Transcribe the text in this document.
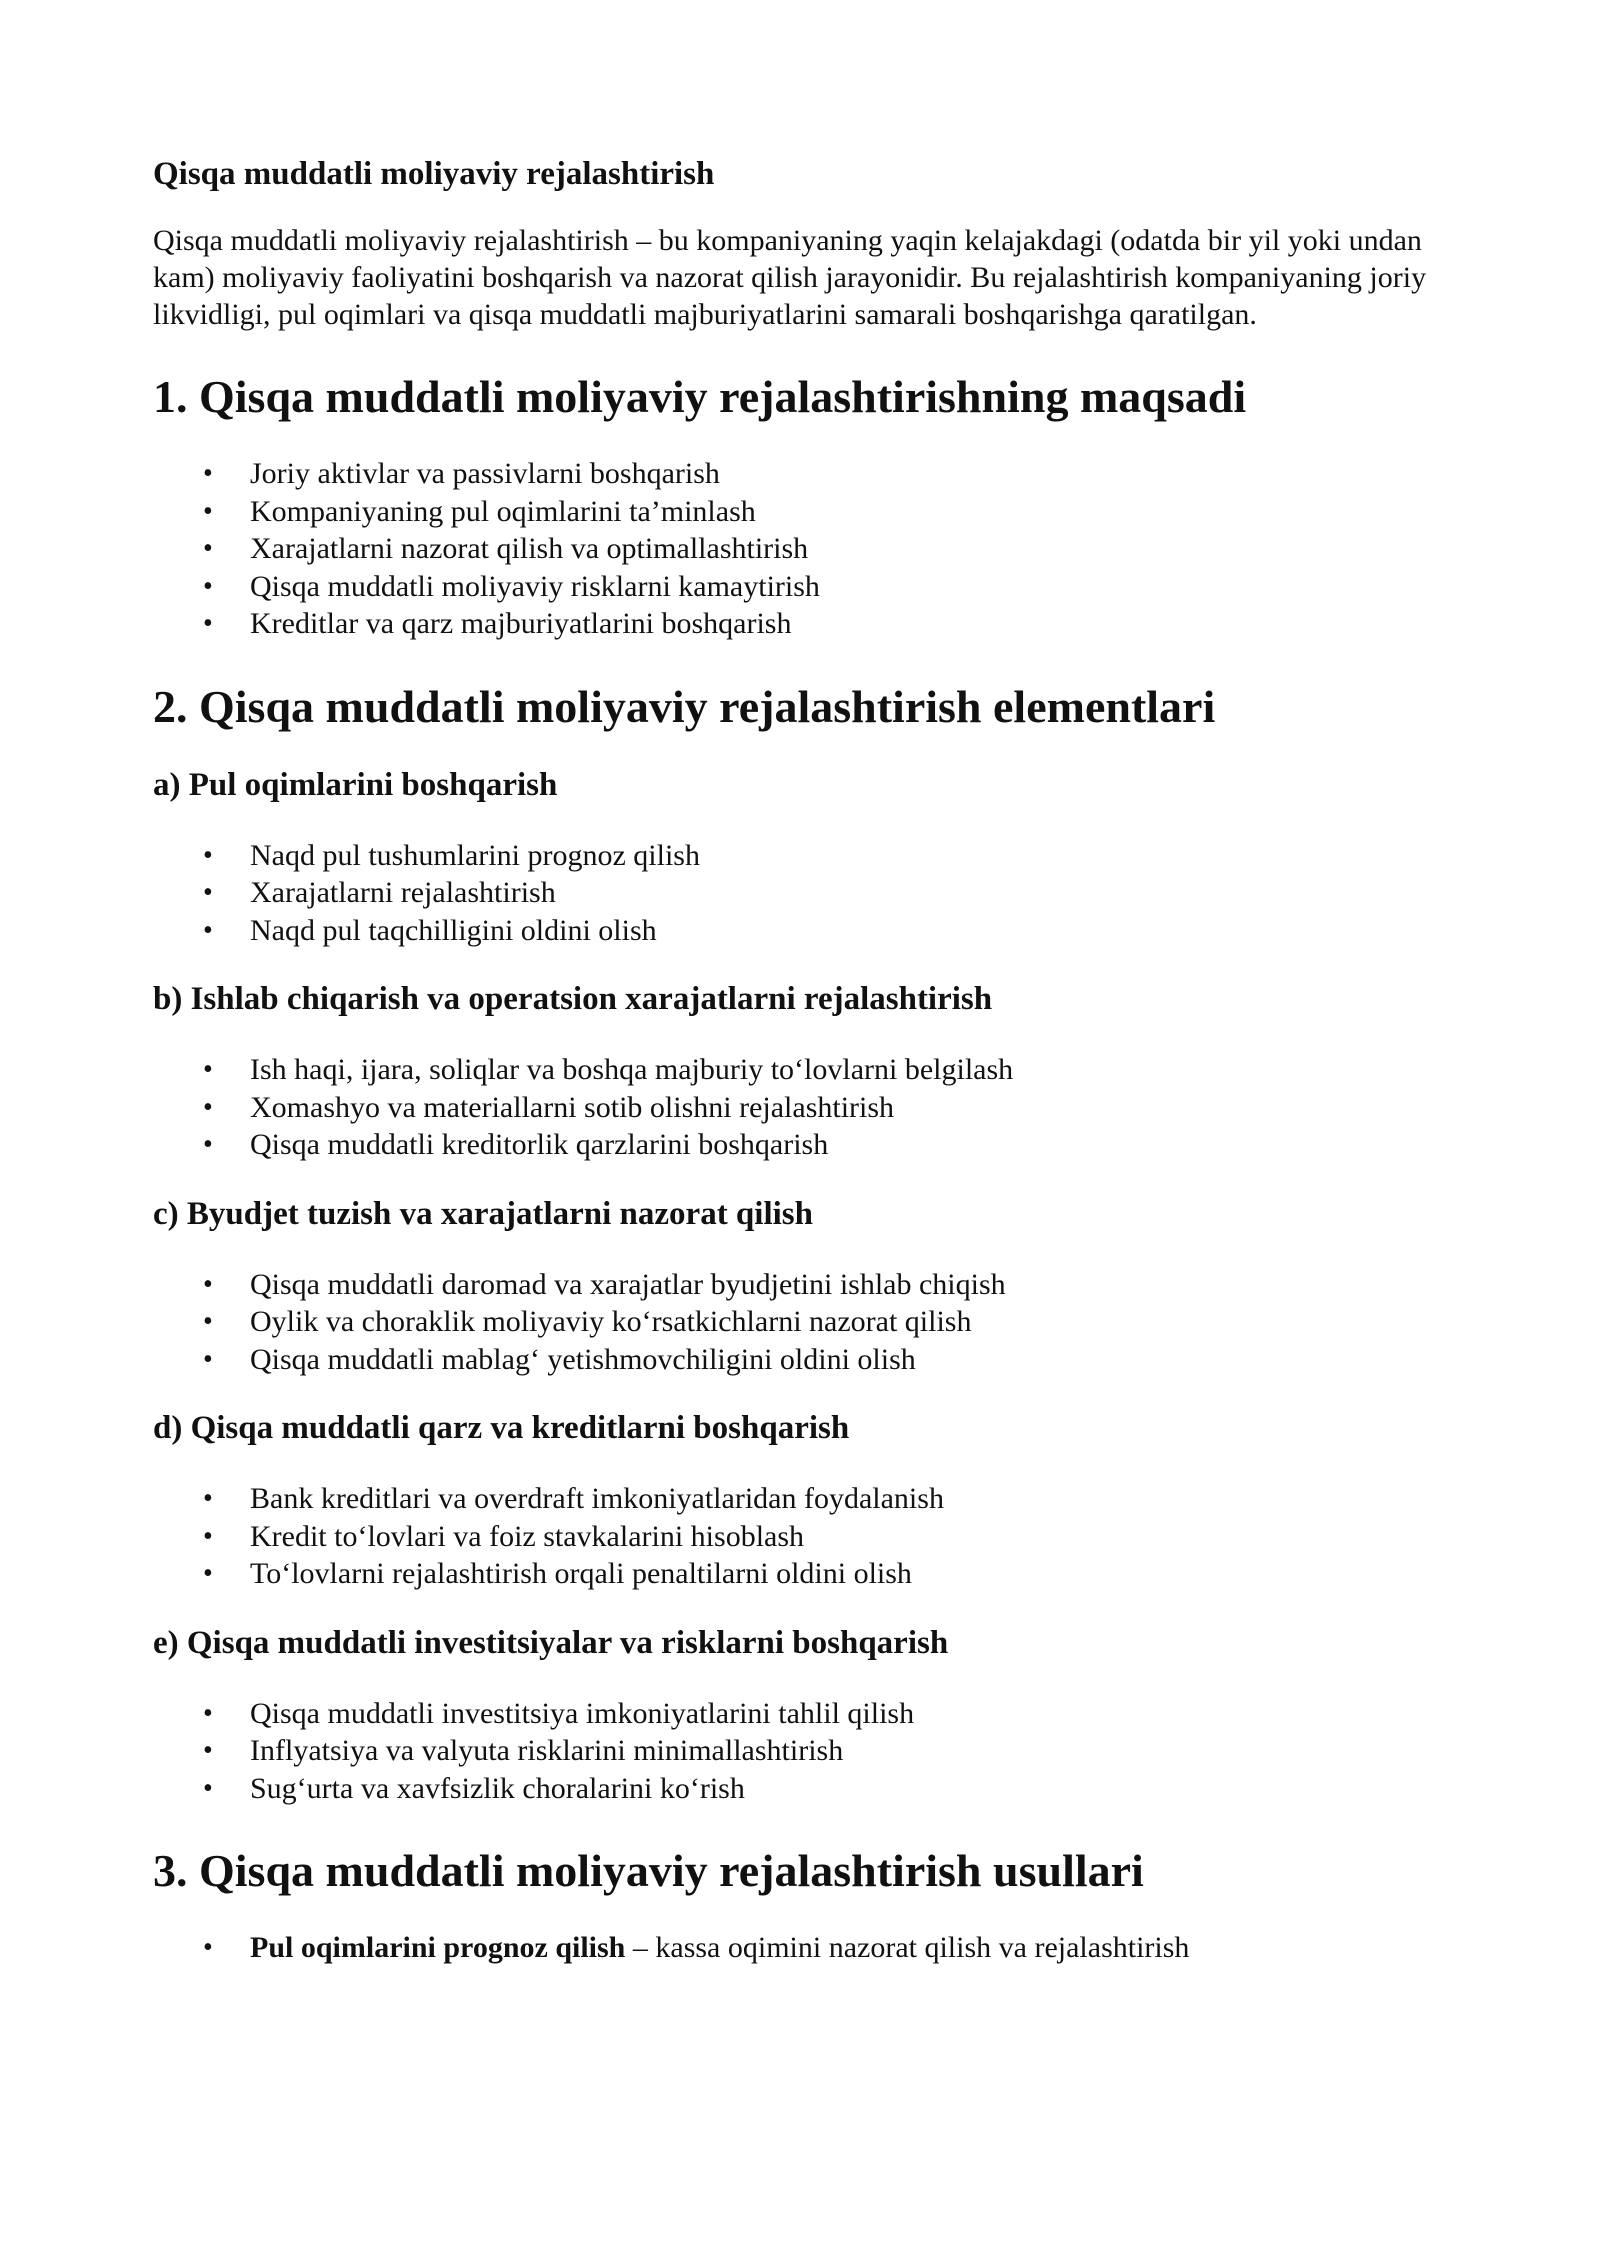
Qisqa muddatli moliyaviy rejalashtirish

Qisqa muddatli moliyaviy rejalashtirish – bu kompaniyaning yaqin kelajakdagi (odatda bir yil yoki undan kam) moliyaviy faoliyatini boshqarish va nazorat qilish jarayonidir. Bu rejalashtirish kompaniyaning joriy likvidligi, pul oqimlari va qisqa muddatli majburiyatlarini samarali boshqarishga qaratilgan.

1. Qisqa muddatli moliyaviy rejalashtirishning maqsadi
• Joriy aktivlar va passivlarni boshqarish
• Kompaniyaning pul oqimlarini ta’minlash
• Xarajatlarni nazorat qilish va optimallashtirish
• Qisqa muddatli moliyaviy risklarni kamaytirish
• Kreditlar va qarz majburiyatlarini boshqarish
2. Qisqa muddatli moliyaviy rejalashtirish elementlari
a) Pul oqimlarini boshqarish
• Naqd pul tushumlarini prognoz qilish
• Xarajatlarni rejalashtirish
• Naqd pul taqchilligini oldini olish
b) Ishlab chiqarish va operatsion xarajatlarni rejalashtirish
• Ish haqi, ijara, soliqlar va boshqa majburiy to‘lovlarni belgilash
• Xomashyo va materiallarni sotib olishni rejalashtirish
• Qisqa muddatli kreditorlik qarzlarini boshqarish
c) Byudjet tuzish va xarajatlarni nazorat qilish
• Qisqa muddatli daromad va xarajatlar byudjetini ishlab chiqish
• Oylik va choraklik moliyaviy ko‘rsatkichlarni nazorat qilish
• Qisqa muddatli mablag‘ yetishmovchiligini oldini olish
d) Qisqa muddatli qarz va kreditlarni boshqarish
• Bank kreditlari va overdraft imkoniyatlaridan foydalanish
• Kredit to‘lovlari va foiz stavkalarini hisoblash
• To‘lovlarni rejalashtirish orqali penaltilarni oldini olish
e) Qisqa muddatli investitsiyalar va risklarni boshqarish
• Qisqa muddatli investitsiya imkoniyatlarini tahlil qilish
• Inflyatsiya va valyuta risklarini minimallashtirish
• Sug‘urta va xavfsizlik choralarini ko‘rish
3. Qisqa muddatli moliyaviy rejalashtirish usullari
• Pul oqimlarini prognoz qilish – kassa oqimini nazorat qilish va rejalashtirish
